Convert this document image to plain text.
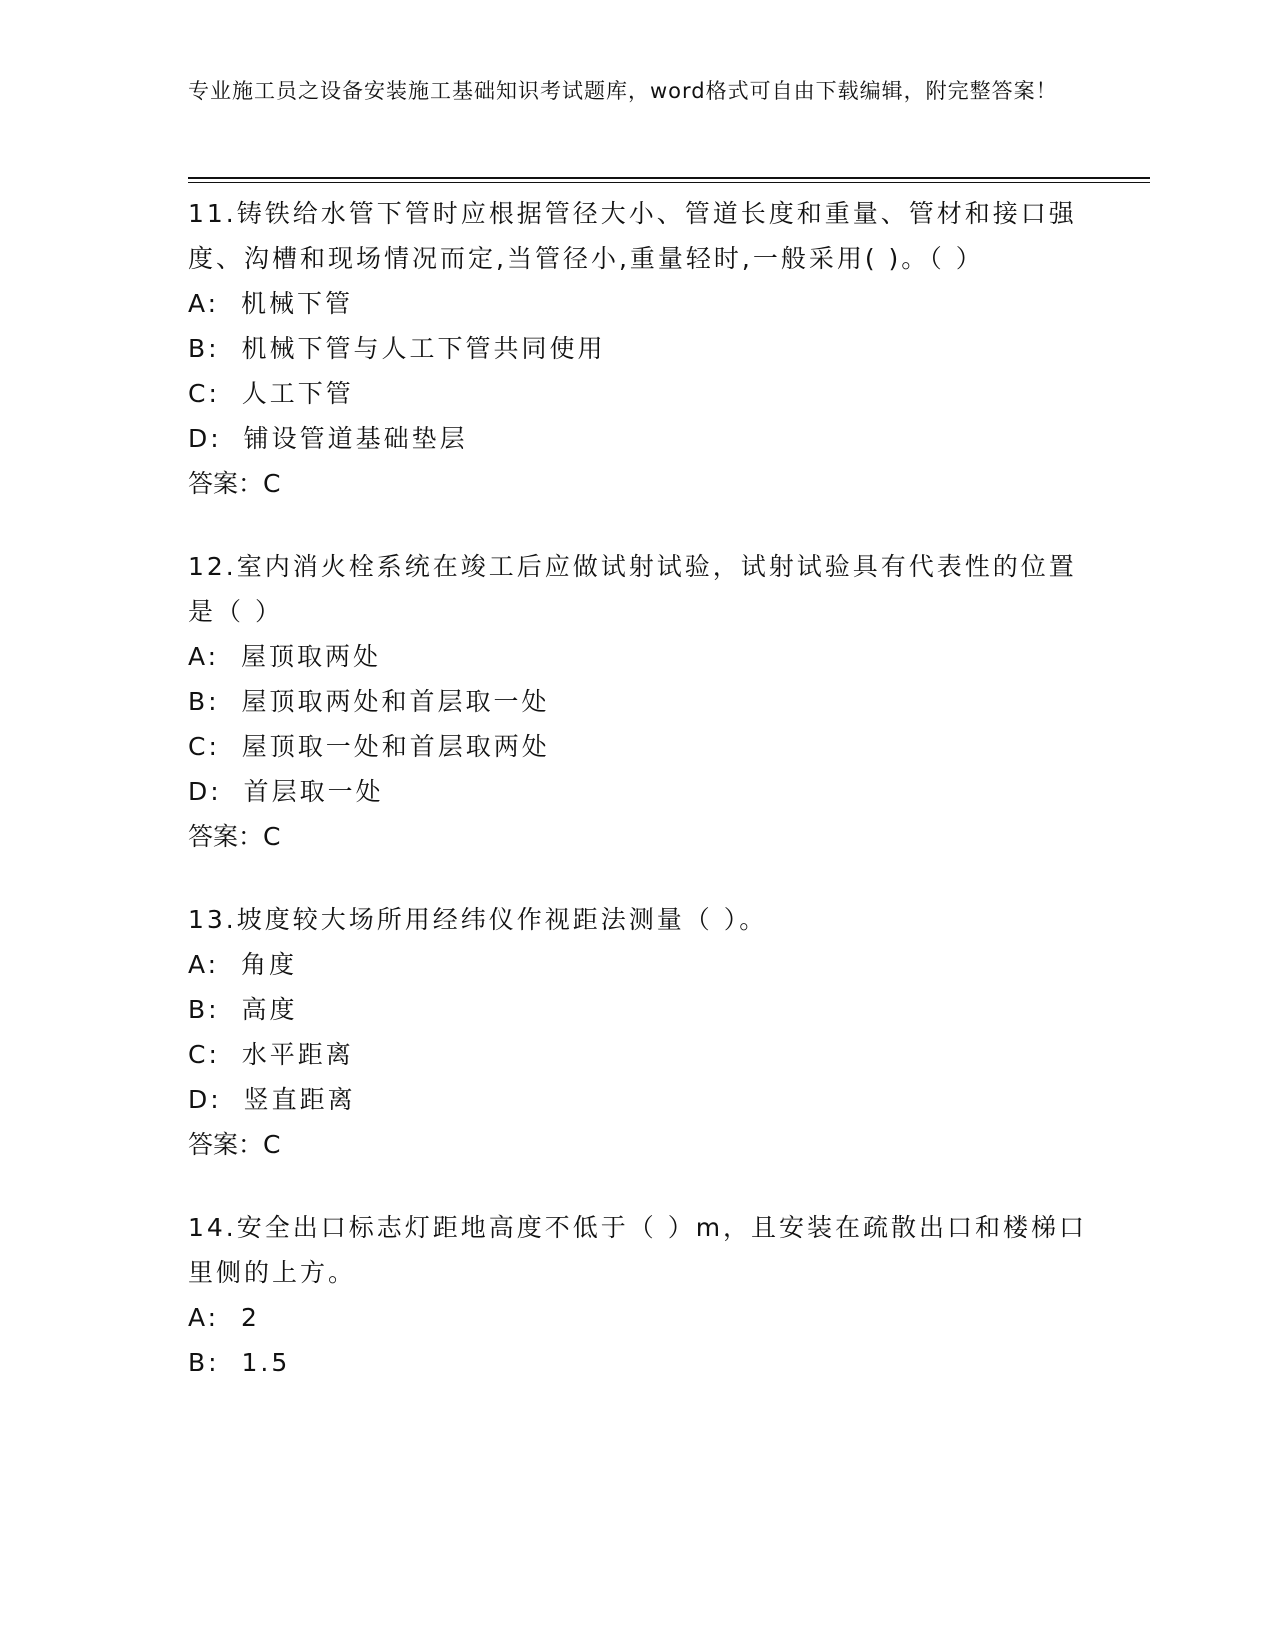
专业施工员之设备安装施工基础知识考试题库，word格式可自由下载编辑，附完整答案！

11.铸铁给水管下管时应根据管径大小、管道长度和重量、管材和接口强度、沟槽和现场情况而定,当管径小,重量轻时,一般采用( )。（ ）

A:  机械下管

B:  机械下管与人工下管共同使用

C:  人工下管

D:  铺设管道基础垫层

答案：C

12.室内消火栓系统在竣工后应做试射试验，试射试验具有代表性的位置是（ ）

A:  屋顶取两处

B:  屋顶取两处和首层取一处

C:  屋顶取一处和首层取两处

D:  首层取一处

答案：C

13.坡度较大场所用经纬仪作视距法测量（ ）。

A:  角度

B:  高度

C:  水平距离

D:  竖直距离

答案：C

14.安全出口标志灯距地高度不低于（ ）m，且安装在疏散出口和楼梯口里侧的上方。

A:  2

B:  1.5
